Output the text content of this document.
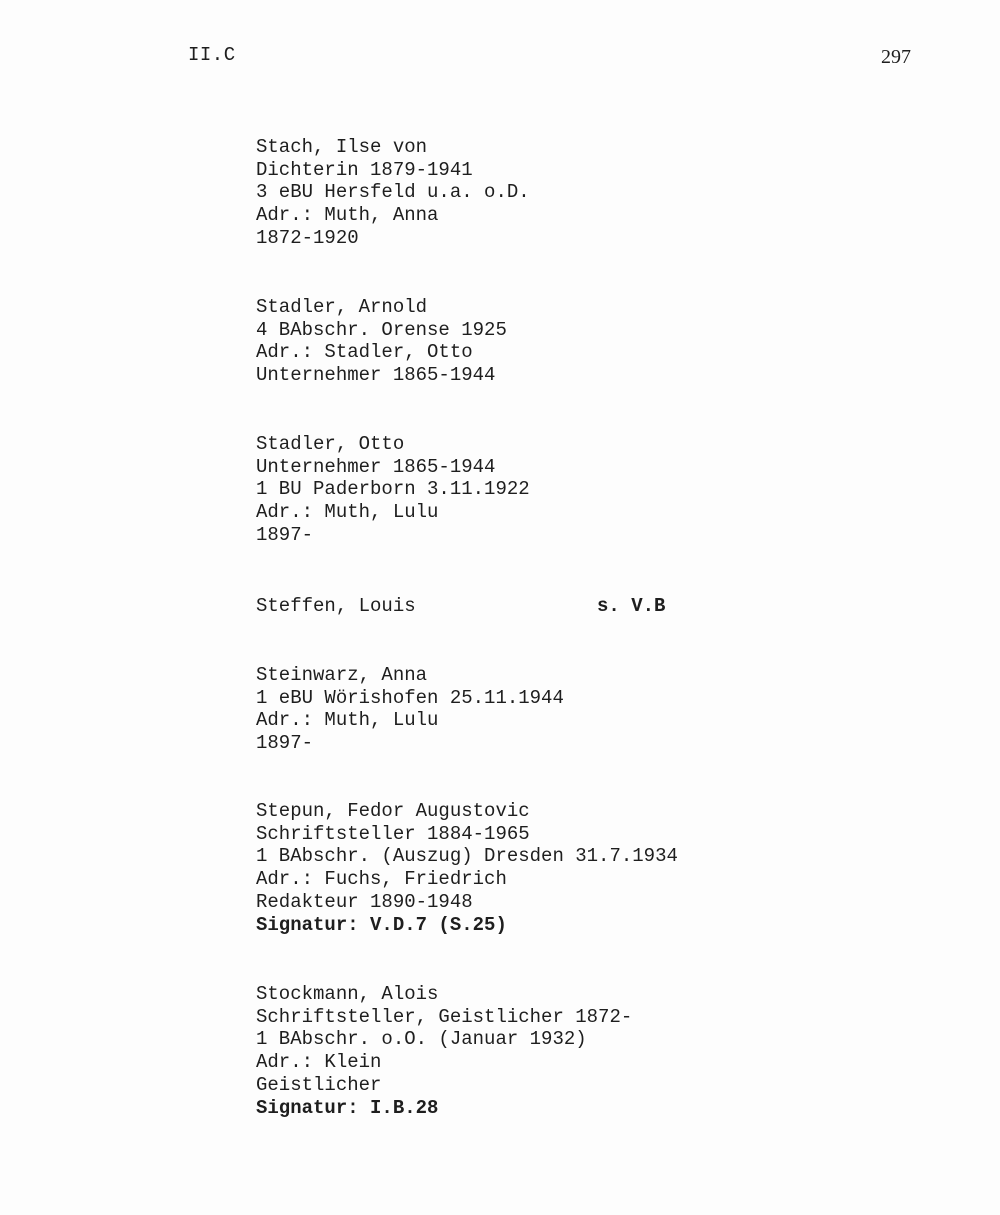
II.C	297
Stach, Ilse von
Dichterin 1879-1941
3 eBU Hersfeld u.a. o.D.
Adr.: Muth, Anna
1872-1920
Stadler, Arnold
4 BAbschr. Orense 1925
Adr.: Stadler, Otto
Unternehmer 1865-1944
Stadler, Otto
Unternehmer 1865-1944
1 BU Paderborn 3.11.1922
Adr.: Muth, Lulu
1897-
Steffen, Louis	s. V.B
Steinwarz, Anna
1 eBU Wörishofen 25.11.1944
Adr.: Muth, Lulu
1897-
Stepun, Fedor Augustovic
Schriftsteller 1884-1965
1 BAbschr. (Auszug) Dresden 31.7.1934
Adr.: Fuchs, Friedrich
Redakteur 1890-1948
Signatur: V.D.7 (S.25)
Stockmann, Alois
Schriftsteller, Geistlicher 1872-
1 BAbschr. o.O. (Januar 1932)
Adr.: Klein
Geistlicher
Signatur: I.B.28
